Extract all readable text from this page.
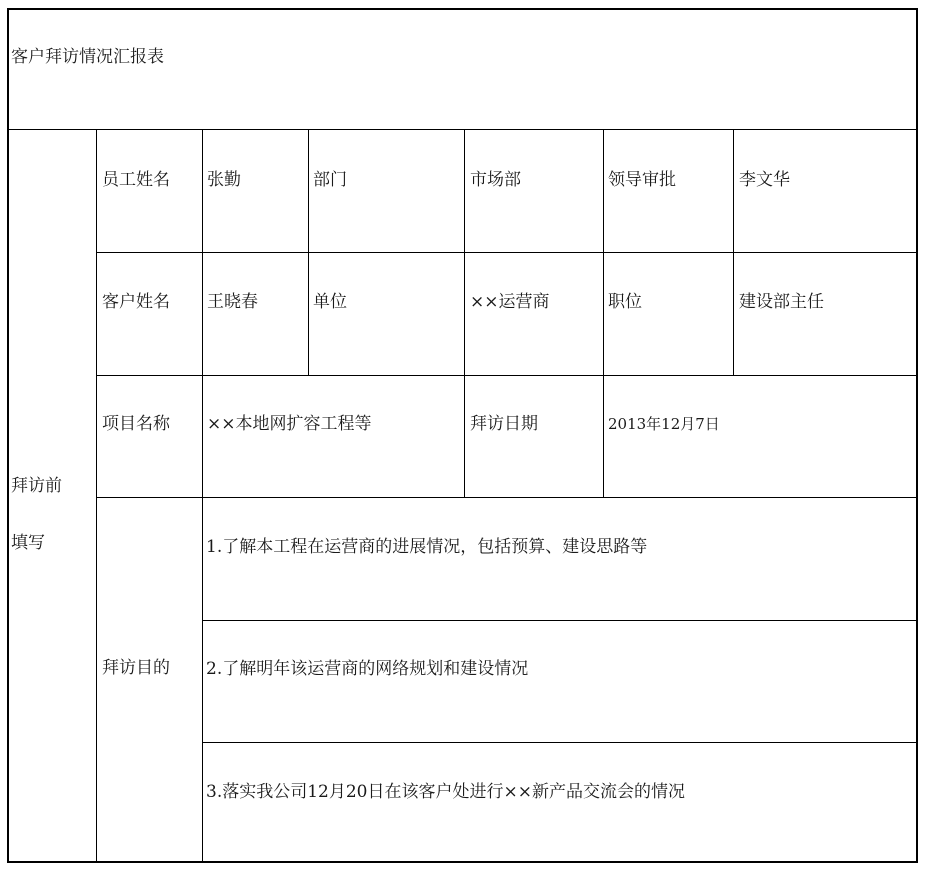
客户拜访情况汇报表
拜访前
填写
员工姓名 张勤	部门	市场部	领导审批	李文华
客户姓名 王晓春	单位	××运营商	职位	建设部主任
项目名称 ××本地网扩容工程等	拜访日期	2013年12月7日
拜访目的
1.了解本工程在运营商的进展情况，包括预算、建设思路等
2.了解明年该运营商的网络规划和建设情况
3.落实我公司12月20日在该客户处进行××新产品交流会的情况
